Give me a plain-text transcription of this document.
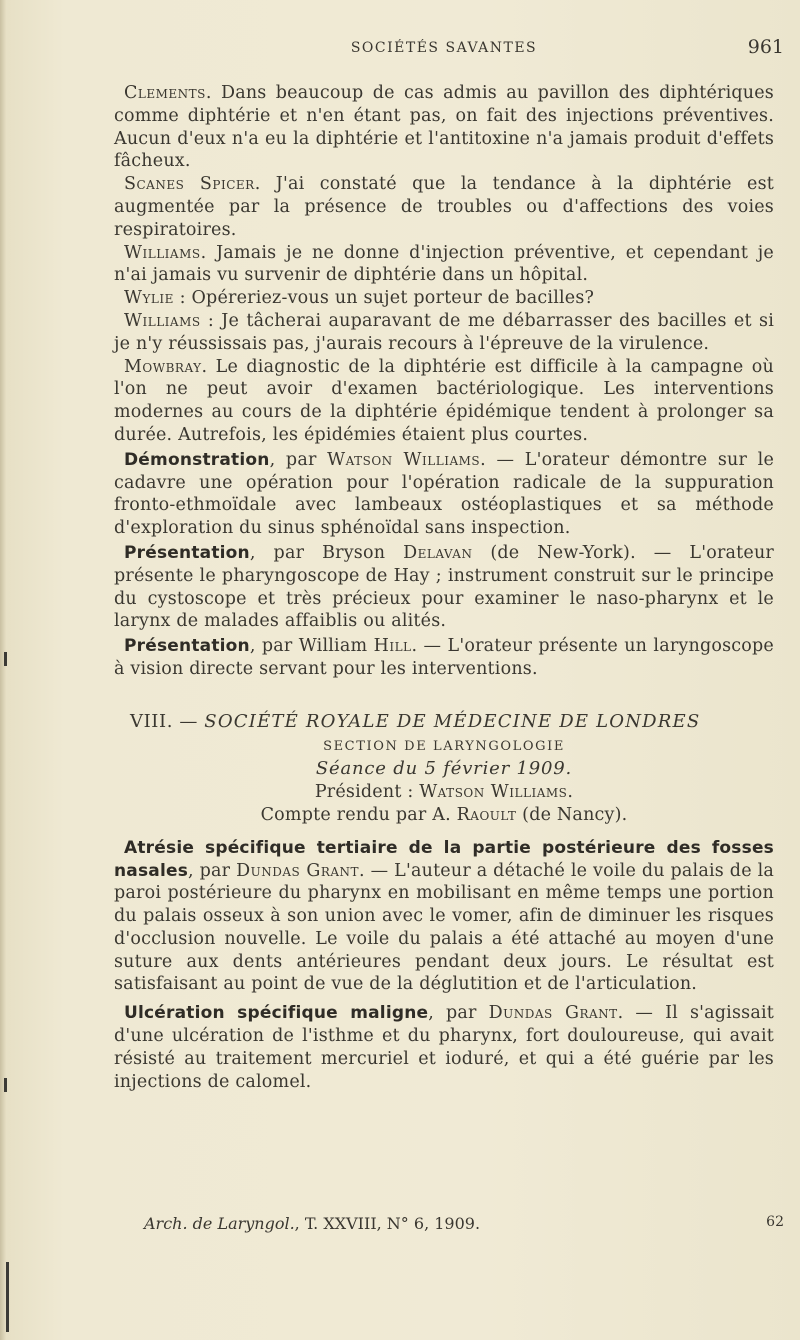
SOCIÉTÉS SAVANTES	961

Clements. Dans beaucoup de cas admis au pavillon des diphtériques comme diphtérie et n'en étant pas, on fait des injections préventives. Aucun d'eux n'a eu la diphtérie et l'antitoxine n'a jamais produit d'effets fâcheux.

Scanes Spicer. J'ai constaté que la tendance à la diphtérie est augmentée par la présence de troubles ou d'affections des voies respiratoires.

Williams. Jamais je ne donne d'injection préventive, et cependant je n'ai jamais vu survenir de diphtérie dans un hôpital.

Wylie : Opéreriez-vous un sujet porteur de bacilles?

Williams : Je tâcherai auparavant de me débarrasser des bacilles et si je n'y réussissais pas, j'aurais recours à l'épreuve de la virulence.

Mowbray. Le diagnostic de la diphtérie est difficile à la campagne où l'on ne peut avoir d'examen bactériologique. Les interventions modernes au cours de la diphtérie épidémique tendent à prolonger sa durée. Autrefois, les épidémies étaient plus courtes.

Démonstration, par Watson Williams. — L'orateur démontre sur le cadavre une opération pour l'opération radicale de la suppuration fronto-ethmoïdale avec lambeaux ostéoplastiques et sa méthode d'exploration du sinus sphénoïdal sans inspection.

Présentation, par Bryson Delavan (de New-York). — L'orateur présente le pharyngoscope de Hay ; instrument construit sur le principe du cystoscope et très précieux pour examiner le naso-pharynx et le larynx de malades affaiblis ou alités.

Présentation, par William Hill. — L'orateur présente un laryngoscope à vision directe servant pour les interventions.

VIII. — SOCIÉTÉ ROYALE DE MÉDECINE DE LONDRES

SECTION DE LARYNGOLOGIE

Séance du 5 février 1909.

Président : Watson Williams.

Compte rendu par A. Raoult (de Nancy).

Atrésie spécifique tertiaire de la partie postérieure des fosses nasales, par Dundas Grant. — L'auteur a détaché le voile du palais de la paroi postérieure du pharynx en mobilisant en même temps une portion du palais osseux à son union avec le vomer, afin de diminuer les risques d'occlusion nouvelle. Le voile du palais a été attaché au moyen d'une suture aux dents antérieures pendant deux jours. Le résultat est satisfaisant au point de vue de la déglutition et de l'articulation.

Ulcération spécifique maligne, par Dundas Grant. — Il s'agissait d'une ulcération de l'isthme et du pharynx, fort douloureuse, qui avait résisté au traitement mercuriel et ioduré, et qui a été guérie par les injections de calomel.

Arch. de Laryngol., T. XXVIII, N° 6, 1909.	62
